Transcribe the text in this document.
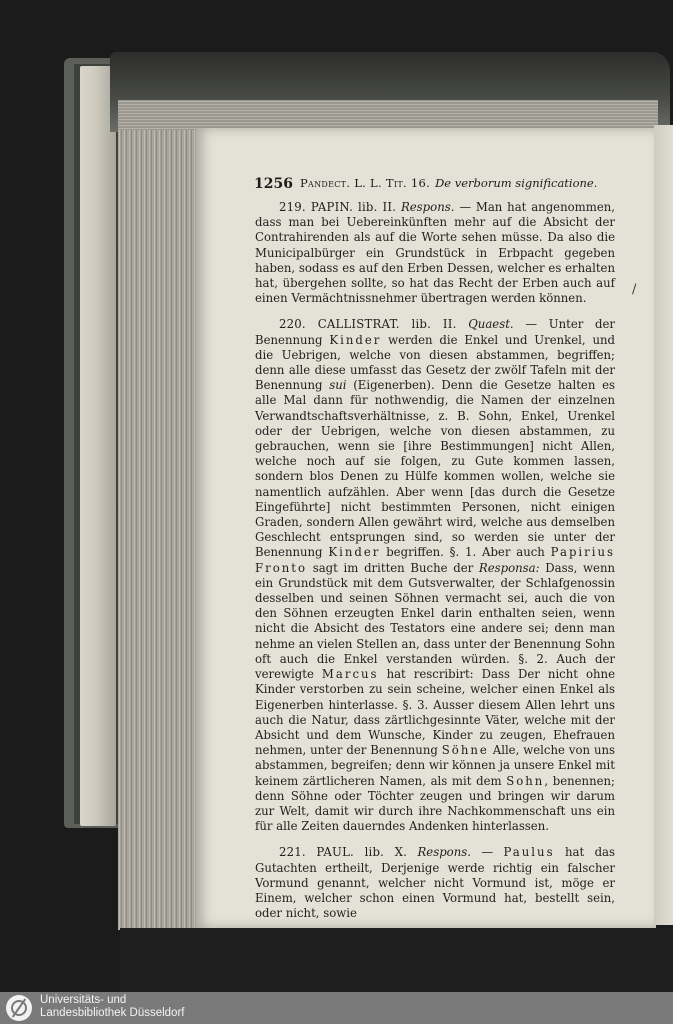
1256 Pandect. L. L. Tit. 16. De verborum significatione.
/

219. PAPIN. lib. II. Respons. — Man hat angenommen, dass man bei Uebereinkünften mehr auf die Absicht der Contrahirenden als auf die Worte sehen müsse. Da also die Municipalbürger ein Grundstück in Erbpacht gegeben haben, sodass es auf den Erben Dessen, welcher es erhalten hat, übergehen sollte, so hat das Recht der Erben auch auf einen Vermächtnissnehmer übertragen werden können.

220. CALLISTRAT. lib. II. Quaest. — Unter der Benennung Kinder werden die Enkel und Urenkel, und die Uebrigen, welche von diesen abstammen, begriffen; denn alle diese umfasst das Gesetz der zwölf Tafeln mit der Benennung sui (Eigenerben). Denn die Gesetze halten es alle Mal dann für nothwendig, die Namen der einzelnen Verwandtschaftsverhältnisse, z. B. Sohn, Enkel, Urenkel oder der Uebrigen, welche von diesen abstammen, zu gebrauchen, wenn sie [ihre Bestimmungen] nicht Allen, welche noch auf sie folgen, zu Gute kommen lassen, sondern blos Denen zu Hülfe kommen wollen, welche sie namentlich aufzählen. Aber wenn [das durch die Gesetze Eingeführte] nicht bestimmten Personen, nicht einigen Graden, sondern Allen gewährt wird, welche aus demselben Geschlecht entsprungen sind, so werden sie unter der Benennung Kinder begriffen. §. 1. Aber auch Papirius Fronto sagt im dritten Buche der Responsa: Dass, wenn ein Grundstück mit dem Gutsverwalter, der Schlafgenossin desselben und seinen Söhnen vermacht sei, auch die von den Söhnen erzeugten Enkel darin enthalten seien, wenn nicht die Absicht des Testators eine andere sei; denn man nehme an vielen Stellen an, dass unter der Benennung Sohn oft auch die Enkel verstanden würden. §. 2. Auch der verewigte Marcus hat rescribirt: Dass Der nicht ohne Kinder verstorben zu sein scheine, welcher einen Enkel als Eigenerben hinterlasse. §. 3. Ausser diesem Allen lehrt uns auch die Natur, dass zärtlichgesinnte Väter, welche mit der Absicht und dem Wunsche, Kinder zu zeugen, Ehefrauen nehmen, unter der Benennung Söhne Alle, welche von uns abstammen, begreifen; denn wir können ja unsere Enkel mit keinem zärtlicheren Namen, als mit dem Sohn, benennen; denn Söhne oder Töchter zeugen und bringen wir darum zur Welt, damit wir durch ihre Nachkommenschaft uns ein für alle Zeiten dauerndes Andenken hinterlassen.

221. PAUL. lib. X. Respons. — Paulus hat das Gutachten ertheilt, Derjenige werde richtig ein falscher Vormund genannt, welcher nicht Vormund ist, möge er Einem, welcher schon einen Vormund hat, bestellt sein, oder nicht, sowie

Universitäts- und
Landesbibliothek Düsseldorf
